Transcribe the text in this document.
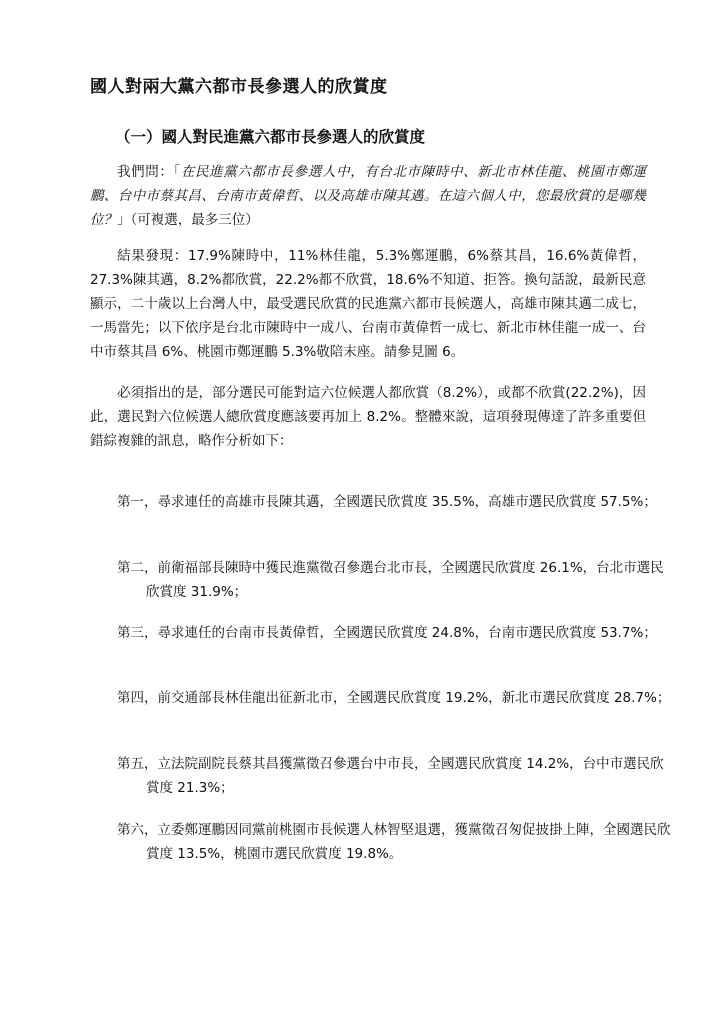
國人對兩大黨六都市長參選人的欣賞度
（一）國人對民進黨六都市長參選人的欣賞度
我們問：「在民進黨六都市長參選人中，有台北市陳時中、新北市林佳龍、桃園市鄭運鵬、台中市蔡其昌、台南市黃偉哲、以及高雄市陳其邁。在這六個人中，您最欣賞的是哪幾位？」（可複選，最多三位）
結果發現：17.9%陳時中，11%林佳龍，5.3%鄭運鵬，6%蔡其昌，16.6%黃偉哲，27.3%陳其邁，8.2%都欣賞，22.2%都不欣賞，18.6%不知道、拒答。換句話說，最新民意顯示，二十歲以上台灣人中，最受選民欣賞的民進黨六都市長候選人，高雄市陳其邁二成七，一馬當先；以下依序是台北市陳時中一成八、台南市黃偉哲一成七、新北市林佳龍一成一、台中市蔡其昌 6%、桃園市鄭運鵬 5.3%敬陪末座。請參見圖 6。
必須指出的是，部分選民可能對這六位候選人都欣賞（8.2%），或都不欣賞(22.2%)，因此，選民對六位候選人總欣賞度應該要再加上 8.2%。整體來說，這項發現傳達了許多重要但錯綜複雜的訊息，略作分析如下：
第一，尋求連任的高雄市長陳其邁，全國選民欣賞度 35.5%，高雄市選民欣賞度 57.5%；
第二，前衛福部長陳時中獲民進黨徵召參選台北市長，全國選民欣賞度 26.1%，台北市選民欣賞度 31.9%；
第三，尋求連任的台南市長黃偉哲，全國選民欣賞度 24.8%，台南市選民欣賞度 53.7%；
第四，前交通部長林佳龍出征新北市，全國選民欣賞度 19.2%，新北市選民欣賞度 28.7%；
第五，立法院副院長蔡其昌獲黨徵召參選台中市長，全國選民欣賞度 14.2%，台中市選民欣賞度 21.3%；
第六，立委鄭運鵬因同黨前桃園市長候選人林智堅退選，獲黨徵召匆促披掛上陣，全國選民欣賞度 13.5%，桃園市選民欣賞度 19.8%。
